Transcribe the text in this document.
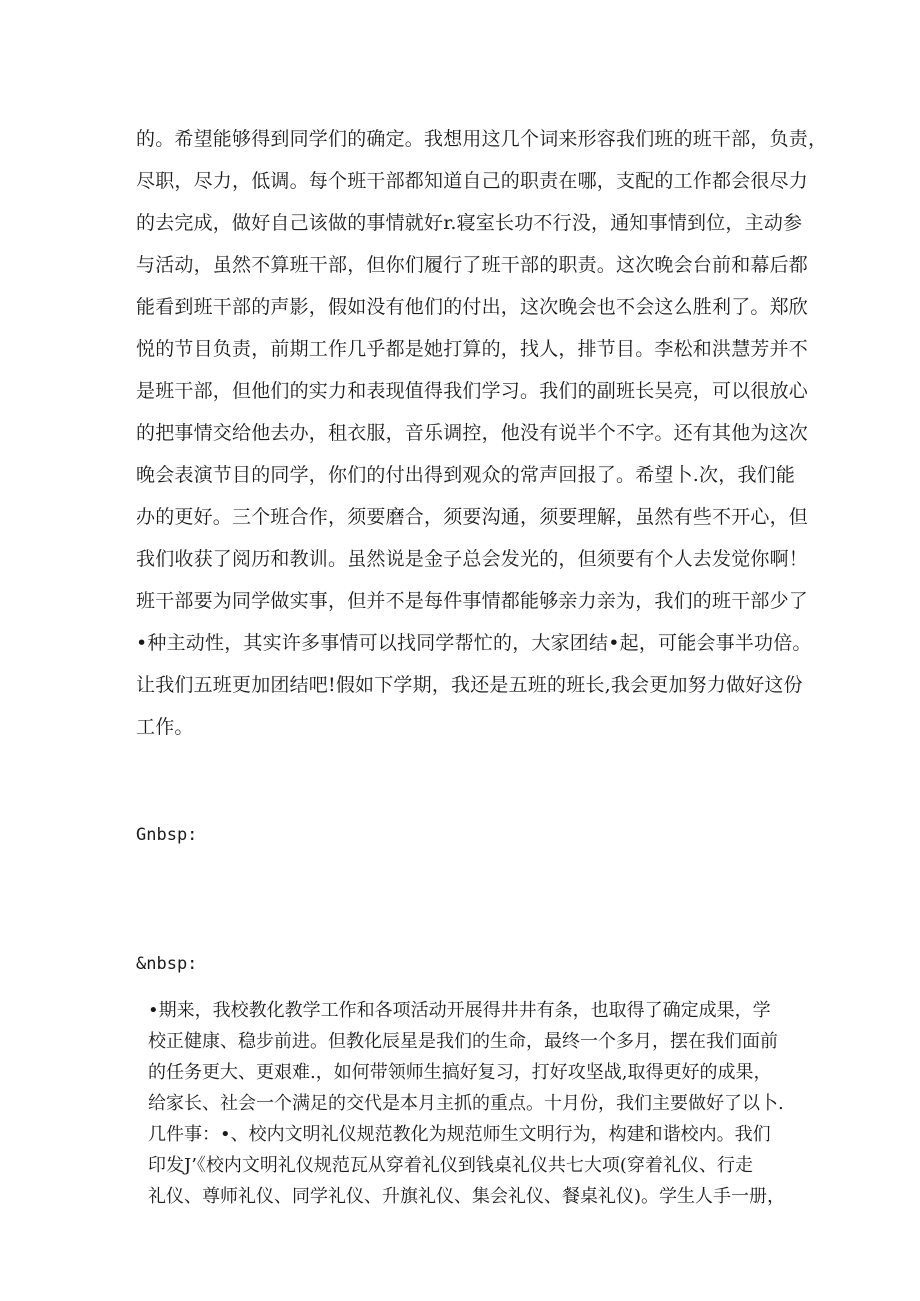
的。希望能够得到同学们的确定。我想用这几个词来形容我们班的班干部，负责，
尽职，尽力，低调。每个班干部都知道自己的职责在哪，支配的工作都会很尽力
的去完成，做好自己该做的事情就好r.寝室长功不行没，通知事情到位，主动参
与活动，虽然不算班干部，但你们履行了班干部的职责。这次晚会台前和幕后都
能看到班干部的声影，假如没有他们的付出，这次晚会也不会这么胜利了。郑欣
悦的节目负责，前期工作几乎都是她打算的，找人，排节目。李松和洪慧芳并不
是班干部，但他们的实力和表现值得我们学习。我们的副班长吴亮，可以很放心
的把事情交给他去办，租衣服，音乐调控，他没有说半个不字。还有其他为这次
晚会表演节目的同学，你们的付出得到观众的常声回报了。希望卜.次，我们能
办的更好。三个班合作，须要磨合，须要沟通，须要理解，虽然有些不开心，但
我们收获了阅历和教训。虽然说是金子总会发光的，但须要有个人去发觉你啊！
班干部要为同学做实事，但并不是每件事情都能够亲力亲为，我们的班干部少了
•种主动性，其实许多事情可以找同学帮忙的，大家团结•起，可能会事半功倍。
让我们五班更加团结吧!假如下学期，我还是五班的班长,我会更加努力做好这份
工作。

Gnbsp:

&nbsp:

•期来，我校教化教学工作和各项活动开展得井井有条，也取得了确定成果，学
校正健康、稳步前进。但教化辰星是我们的生命，最终一个多月，摆在我们面前
的任务更大、更艰难.，如何带领师生搞好复习，打好攻坚战,取得更好的成果，
给家长、社会一个满足的交代是本月主抓的重点。十月份，我们主要做好了以卜.
几件事：•、校内文明礼仪规范教化为规范师生文明行为，构建和谐校内。我们
印发J’《校内文明礼仪规范瓦从穿着礼仪到钱桌礼仪共七大项(穿着礼仪、行走
礼仪、尊师礼仪、同学礼仪、升旗礼仪、集会礼仪、餐桌礼仪)。学生人手一册，
